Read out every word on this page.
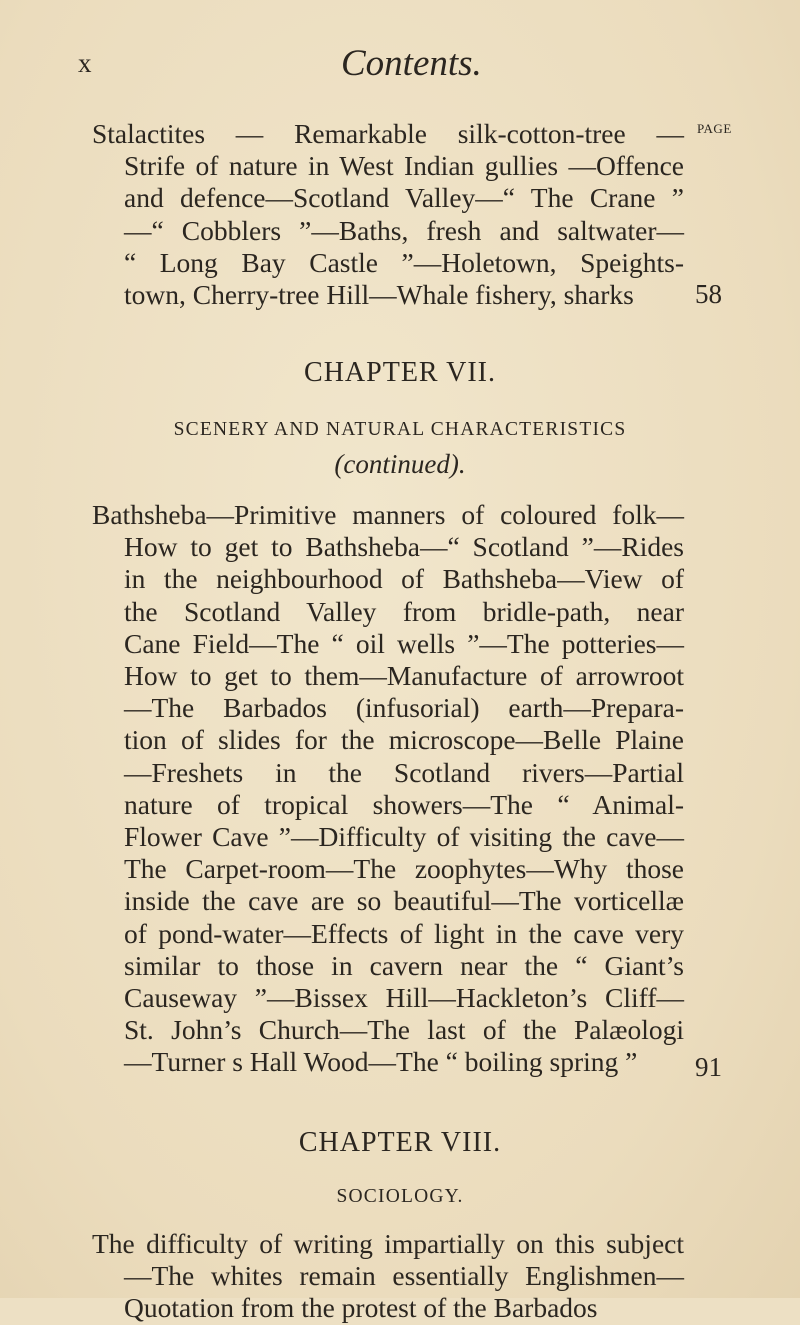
x	Contents.
PAGE
Stalactites — Remarkable silk-cotton-tree —
Strife of nature in West Indian gullies —Offence
and defence—Scotland Valley—“ The Crane ”
—“ Cobblers ”—Baths, fresh and saltwater—
“ Long Bay Castle ”—Holetown, Speights-
town, Cherry-tree Hill—Whale fishery, sharks	58
CHAPTER VII.
SCENERY AND NATURAL CHARACTERISTICS
(continued).
Bathsheba—Primitive manners of coloured folk—
How to get to Bathsheba—“ Scotland ”—Rides
in the neighbourhood of Bathsheba—View of
the Scotland Valley from bridle-path, near
Cane Field—The “ oil wells ”—The potteries—
How to get to them—Manufacture of arrowroot
—The Barbados (infusorial) earth—Prepara-
tion of slides for the microscope—Belle Plaine
—Freshets in the Scotland rivers—Partial
nature of tropical showers—The “ Animal-
Flower Cave ”—Difficulty of visiting the cave—
The Carpet-room—The zoophytes—Why those
inside the cave are so beautiful—The vorticellæ
of pond-water—Effects of light in the cave very
similar to those in cavern near the “ Giant’s
Causeway ”—Bissex Hill—Hackleton’s Cliff—
St. John’s Church—The last of the Palæologi
—Turner s Hall Wood—The “ boiling spring ”	91
CHAPTER VIII.
SOCIOLOGY.
The difficulty of writing impartially on this subject
—The whites remain essentially Englishmen—
Quotation from the protest of the Barbados
